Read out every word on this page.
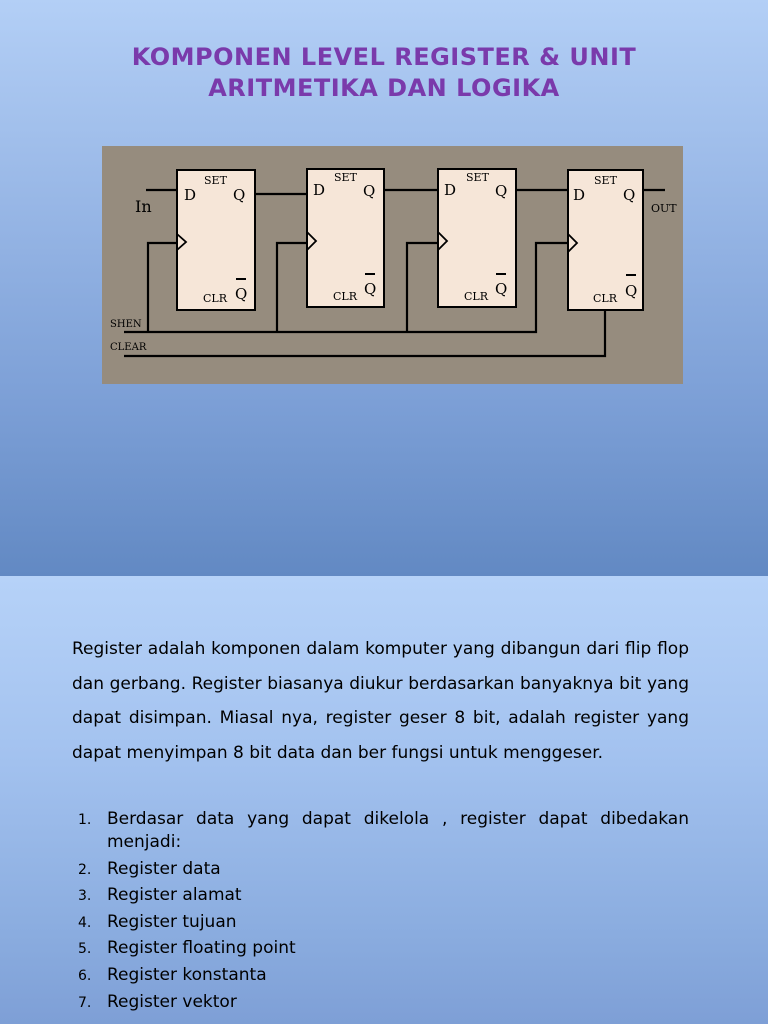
KOMPONEN LEVEL REGISTER & UNIT
ARITMETIKA DAN LOGIKA
D
SET
Q
CLR Q
D
SET
Q
CLR Q
D
SET
Q
CLR Q
D
SET
Q
CLR Q
In	OUT
SHEN
CLEAR
Register adalah komponen dalam komputer yang dibangun dari flip flop dan gerbang. Register biasanya diukur berdasarkan banyaknya bit yang dapat disimpan. Miasal nya, register geser 8 bit, adalah register yang dapat menyimpan 8 bit data dan ber fungsi untuk menggeser.
1. Berdasar data yang dapat dikelola , register dapat dibedakan menjadi:
2. Register data
3. Register alamat
4. Register tujuan
5. Register floating point
6. Register konstanta
7. Register vektor
